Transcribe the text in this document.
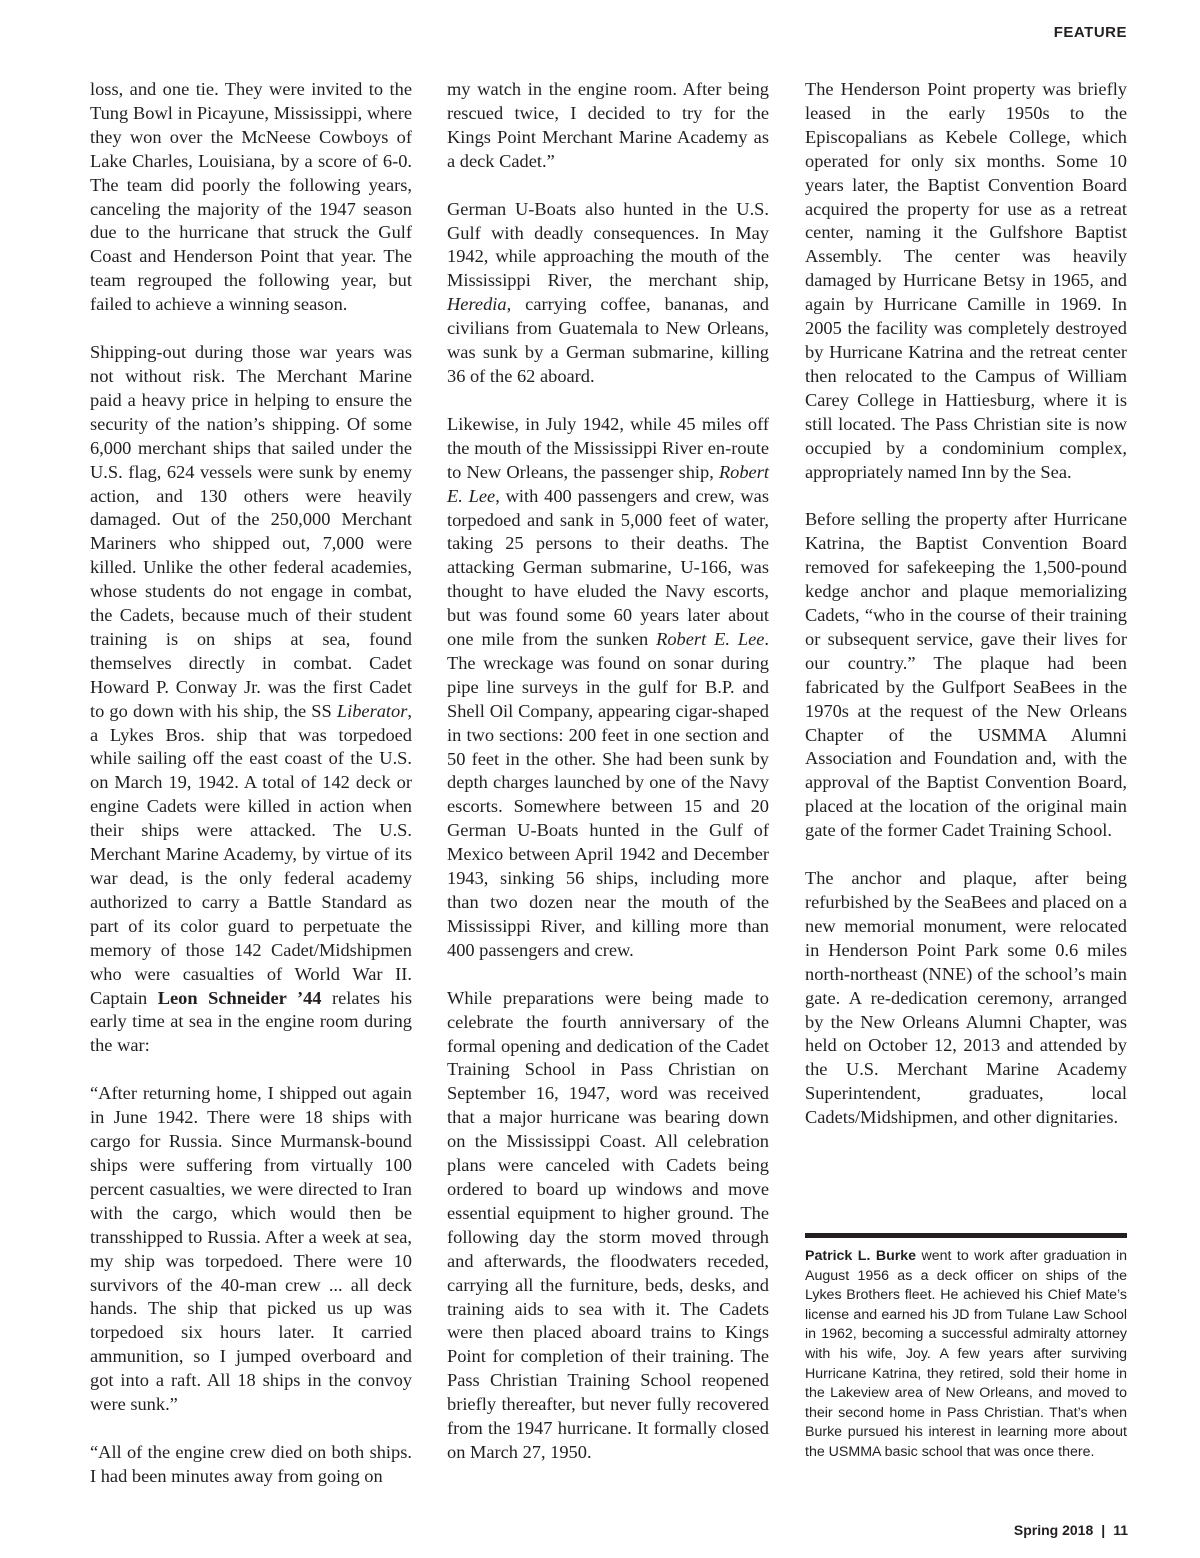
FEATURE

loss, and one tie. They were invited to the Tung Bowl in Picayune, Mississippi, where they won over the McNeese Cowboys of Lake Charles, Louisiana, by a score of 6-0. The team did poorly the following years, canceling the majority of the 1947 season due to the hurricane that struck the Gulf Coast and Henderson Point that year. The team regrouped the following year, but failed to achieve a winning season.

Shipping-out during those war years was not without risk. The Merchant Marine paid a heavy price in helping to ensure the security of the nation’s shipping. Of some 6,000 merchant ships that sailed under the U.S. flag, 624 vessels were sunk by enemy action, and 130 others were heavily damaged. Out of the 250,000 Merchant Mariners who shipped out, 7,000 were killed. Unlike the other federal academies, whose students do not engage in combat, the Cadets, because much of their student training is on ships at sea, found themselves directly in combat. Cadet Howard P. Conway Jr. was the first Cadet to go down with his ship, the SS Liberator, a Lykes Bros. ship that was torpedoed while sailing off the east coast of the U.S. on March 19, 1942. A total of 142 deck or engine Cadets were killed in action when their ships were attacked. The U.S. Merchant Marine Academy, by virtue of its war dead, is the only federal academy authorized to carry a Battle Standard as part of its color guard to perpetuate the memory of those 142 Cadet/Midshipmen who were casualties of World War II. Captain Leon Schneider ’44 relates his early time at sea in the engine room during the war:

“After returning home, I shipped out again in June 1942. There were 18 ships with cargo for Russia. Since Murmansk-bound ships were suffering from virtually 100 percent casualties, we were directed to Iran with the cargo, which would then be transshipped to Russia. After a week at sea, my ship was torpedoed. There were 10 survivors of the 40-man crew ... all deck hands. The ship that picked us up was torpedoed six hours later. It carried ammunition, so I jumped overboard and got into a raft. All 18 ships in the convoy were sunk.”

“All of the engine crew died on both ships. I had been minutes away from going on

my watch in the engine room. After being rescued twice, I decided to try for the Kings Point Merchant Marine Academy as a deck Cadet.”

German U-Boats also hunted in the U.S. Gulf with deadly consequences. In May 1942, while approaching the mouth of the Mississippi River, the merchant ship, Heredia, carrying coffee, bananas, and civilians from Guatemala to New Orleans, was sunk by a German submarine, killing 36 of the 62 aboard.

Likewise, in July 1942, while 45 miles off the mouth of the Mississippi River en-route to New Orleans, the passenger ship, Robert E. Lee, with 400 passengers and crew, was torpedoed and sank in 5,000 feet of water, taking 25 persons to their deaths. The attacking German submarine, U-166, was thought to have eluded the Navy escorts, but was found some 60 years later about one mile from the sunken Robert E. Lee. The wreckage was found on sonar during pipe line surveys in the gulf for B.P. and Shell Oil Company, appearing cigar-shaped in two sections: 200 feet in one section and 50 feet in the other. She had been sunk by depth charges launched by one of the Navy escorts. Somewhere between 15 and 20 German U-Boats hunted in the Gulf of Mexico between April 1942 and December 1943, sinking 56 ships, including more than two dozen near the mouth of the Mississippi River, and killing more than 400 passengers and crew.

While preparations were being made to celebrate the fourth anniversary of the formal opening and dedication of the Cadet Training School in Pass Christian on September 16, 1947, word was received that a major hurricane was bearing down on the Mississippi Coast. All celebration plans were canceled with Cadets being ordered to board up windows and move essential equipment to higher ground. The following day the storm moved through and afterwards, the floodwaters receded, carrying all the furniture, beds, desks, and training aids to sea with it. The Cadets were then placed aboard trains to Kings Point for completion of their training. The Pass Christian Training School reopened briefly thereafter, but never fully recovered from the 1947 hurricane. It formally closed on March 27, 1950.

The Henderson Point property was briefly leased in the early 1950s to the Episcopalians as Kebele College, which operated for only six months. Some 10 years later, the Baptist Convention Board acquired the property for use as a retreat center, naming it the Gulfshore Baptist Assembly. The center was heavily damaged by Hurricane Betsy in 1965, and again by Hurricane Camille in 1969. In 2005 the facility was completely destroyed by Hurricane Katrina and the retreat center then relocated to the Campus of William Carey College in Hattiesburg, where it is still located. The Pass Christian site is now occupied by a condominium complex, appropriately named Inn by the Sea.

Before selling the property after Hurricane Katrina, the Baptist Convention Board removed for safekeeping the 1,500-pound kedge anchor and plaque memorializing Cadets, “who in the course of their training or subsequent service, gave their lives for our country.” The plaque had been fabricated by the Gulfport SeaBees in the 1970s at the request of the New Orleans Chapter of the USMMA Alumni Association and Foundation and, with the approval of the Baptist Convention Board, placed at the location of the original main gate of the former Cadet Training School.

The anchor and plaque, after being refurbished by the SeaBees and placed on a new memorial monument, were relocated in Henderson Point Park some 0.6 miles north-northeast (NNE) of the school’s main gate. A re-dedication ceremony, arranged by the New Orleans Alumni Chapter, was held on October 12, 2013 and attended by the U.S. Merchant Marine Academy Superintendent, graduates, local Cadets/Midshipmen, and other dignitaries.

Patrick L. Burke went to work after graduation in August 1956 as a deck officer on ships of the Lykes Brothers fleet. He achieved his Chief Mate’s license and earned his JD from Tulane Law School in 1962, becoming a successful admiralty attorney with his wife, Joy. A few years after surviving Hurricane Katrina, they retired, sold their home in the Lakeview area of New Orleans, and moved to their second home in Pass Christian. That’s when Burke pursued his interest in learning more about the USMMA basic school that was once there.

Spring 2018 | 11
